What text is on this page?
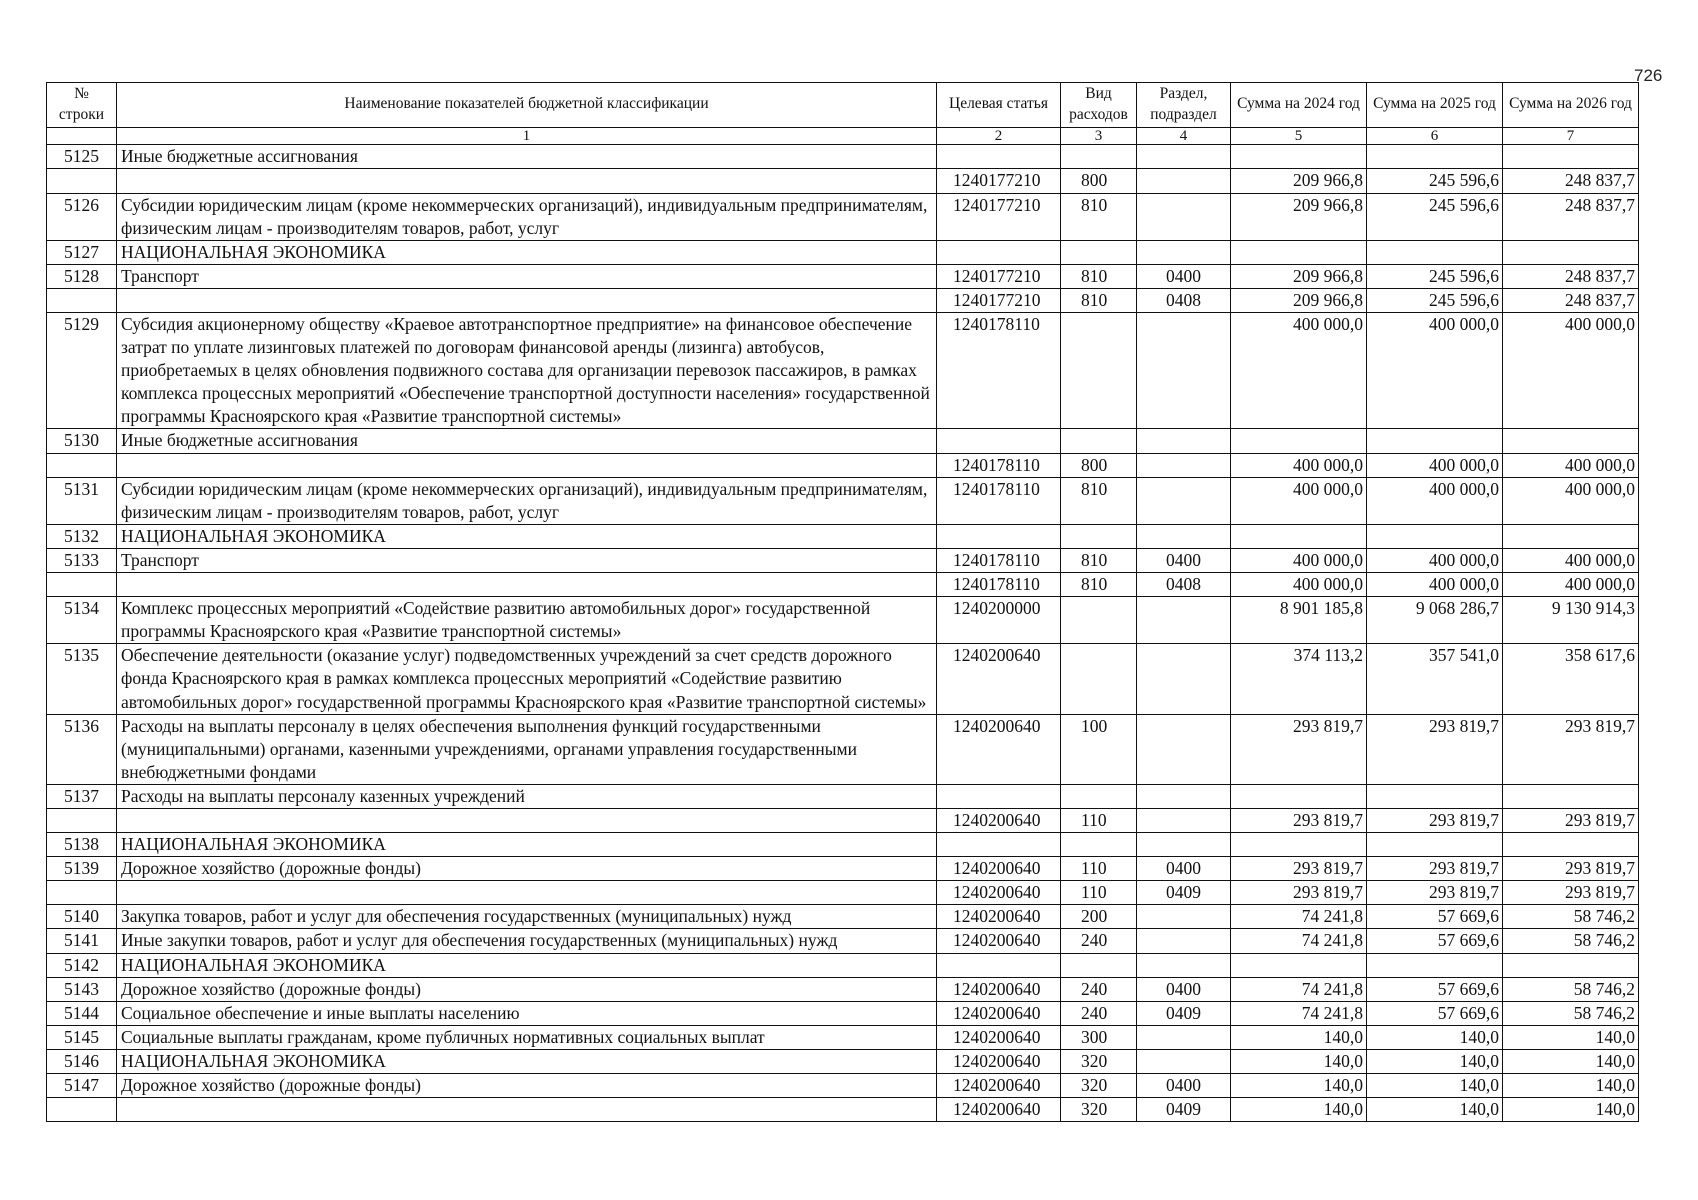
726
№ строки	Наименование показателей бюджетной классификации	Целевая статья	Вид расходов	Раздел, подраздел	Сумма на 2024 год	Сумма на 2025 год	Сумма на 2026 год
	1	2	3	4	5	6	7
5125	Иные бюджетные ассигнования						
		1240177210	800		209 966,8	245 596,6	248 837,7
5126	Субсидии юридическим лицам (кроме некоммерческих организаций), индивидуальным предпринимателям, физическим лицам - производителям товаров, работ, услуг	1240177210	810		209 966,8	245 596,6	248 837,7
5127	НАЦИОНАЛЬНАЯ ЭКОНОМИКА						
5128	Транспорт	1240177210	810	0400	209 966,8	245 596,6	248 837,7
		1240177210	810	0408	209 966,8	245 596,6	248 837,7
5129	Субсидия акционерному обществу «Краевое автотранспортное предприятие» на финансовое обеспечение затрат по уплате лизинговых платежей по договорам финансовой аренды (лизинга) автобусов, приобретаемых в целях обновления подвижного состава для организации перевозок пассажиров, в рамках комплекса процессных мероприятий «Обеспечение транспортной доступности населения» государственной программы Красноярского края «Развитие транспортной системы»	1240178110			400 000,0	400 000,0	400 000,0
5130	Иные бюджетные ассигнования						
		1240178110	800		400 000,0	400 000,0	400 000,0
5131	Субсидии юридическим лицам (кроме некоммерческих организаций), индивидуальным предпринимателям, физическим лицам - производителям товаров, работ, услуг	1240178110	810		400 000,0	400 000,0	400 000,0
5132	НАЦИОНАЛЬНАЯ ЭКОНОМИКА						
5133	Транспорт	1240178110	810	0400	400 000,0	400 000,0	400 000,0
		1240178110	810	0408	400 000,0	400 000,0	400 000,0
5134	Комплекс процессных мероприятий «Содействие развитию автомобильных дорог» государственной программы Красноярского края «Развитие транспортной системы»	1240200000			8 901 185,8	9 068 286,7	9 130 914,3
5135	Обеспечение деятельности (оказание услуг) подведомственных учреждений за счет средств дорожного фонда Красноярского края в рамках комплекса процессных мероприятий «Содействие развитию автомобильных дорог» государственной программы Красноярского края «Развитие транспортной системы»	1240200640			374 113,2	357 541,0	358 617,6
5136	Расходы на выплаты персоналу в целях обеспечения выполнения функций государственными (муниципальными) органами, казенными учреждениями, органами управления государственными внебюджетными фондами	1240200640	100		293 819,7	293 819,7	293 819,7
5137	Расходы на выплаты персоналу казенных учреждений						
		1240200640	110		293 819,7	293 819,7	293 819,7
5138	НАЦИОНАЛЬНАЯ ЭКОНОМИКА						
5139	Дорожное хозяйство (дорожные фонды)	1240200640	110	0400	293 819,7	293 819,7	293 819,7
		1240200640	110	0409	293 819,7	293 819,7	293 819,7
5140	Закупка товаров, работ и услуг для обеспечения государственных (муниципальных) нужд	1240200640	200		74 241,8	57 669,6	58 746,2
5141	Иные закупки товаров, работ и услуг для обеспечения государственных (муниципальных) нужд	1240200640	240		74 241,8	57 669,6	58 746,2
5142	НАЦИОНАЛЬНАЯ ЭКОНОМИКА						
5143	Дорожное хозяйство (дорожные фонды)	1240200640	240	0400	74 241,8	57 669,6	58 746,2
5144	Социальное обеспечение и иные выплаты населению	1240200640	240	0409	74 241,8	57 669,6	58 746,2
5145	Социальные выплаты гражданам, кроме публичных нормативных социальных выплат	1240200640	300		140,0	140,0	140,0
5146	НАЦИОНАЛЬНАЯ ЭКОНОМИКА	1240200640	320		140,0	140,0	140,0
5147	Дорожное хозяйство (дорожные фонды)	1240200640	320	0400	140,0	140,0	140,0
		1240200640	320	0409	140,0	140,0	140,0
